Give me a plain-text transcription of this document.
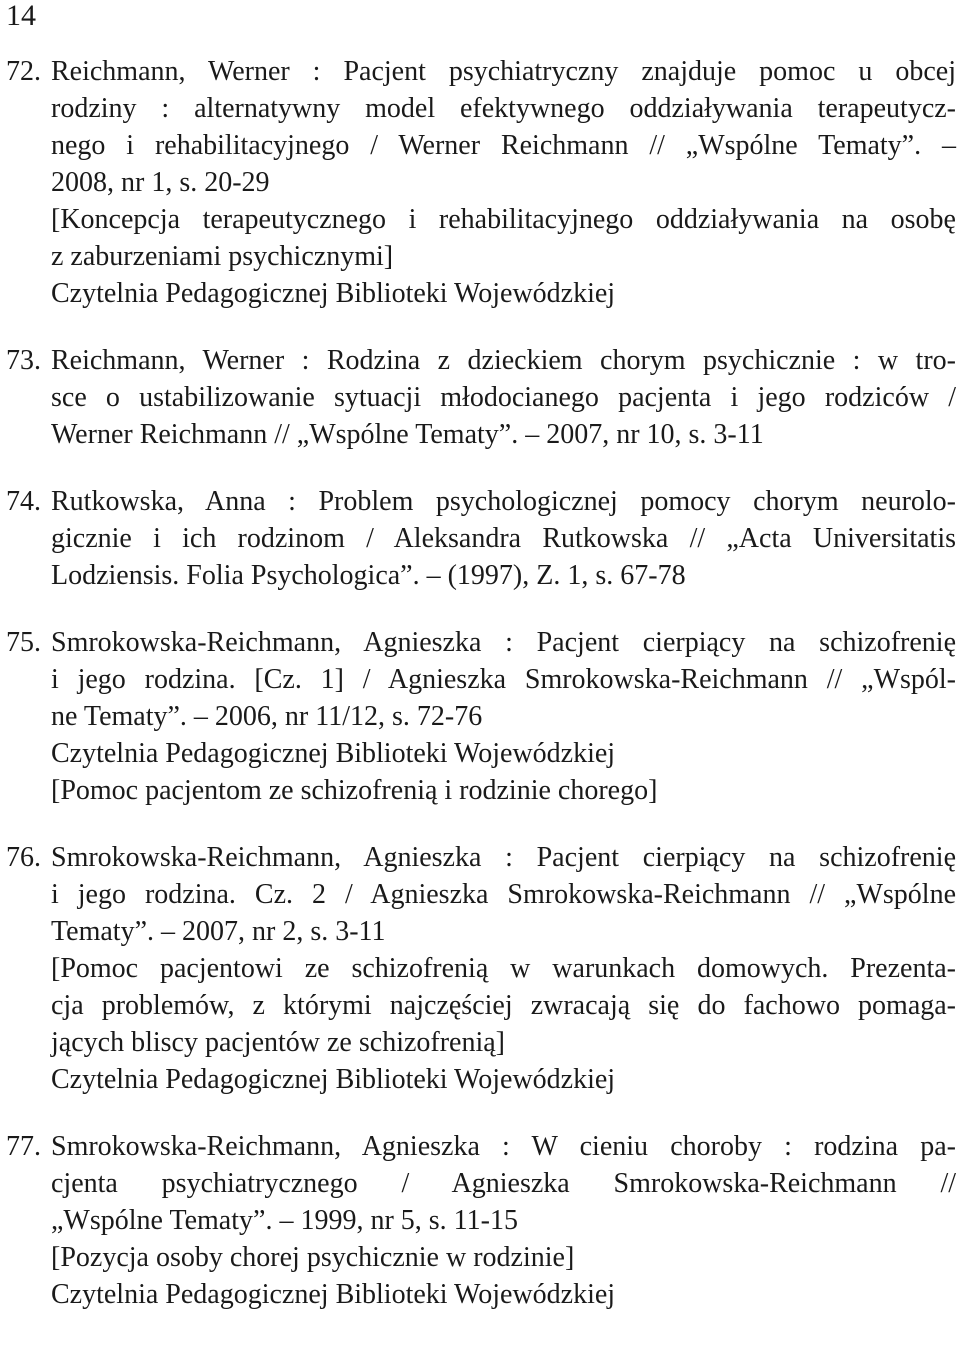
14
72. Reichmann, Werner : Pacjent psychiatryczny znajduje pomoc u obcej
rodziny : alternatywny model efektywnego oddziaływania terapeutycz-
nego i rehabilitacyjnego / Werner Reichmann // „Wspólne Tematy”. –
2008, nr 1, s. 20-29
[Koncepcja terapeutycznego i rehabilitacyjnego oddziaływania na osobę
z zaburzeniami psychicznymi]
Czytelnia Pedagogicznej Biblioteki Wojewódzkiej
73. Reichmann, Werner : Rodzina z dzieckiem chorym psychicznie : w tro-
sce o ustabilizowanie sytuacji młodocianego pacjenta i jego rodziców /
Werner Reichmann // „Wspólne Tematy”. – 2007, nr 10, s. 3-11
74. Rutkowska, Anna : Problem psychologicznej pomocy chorym neurolo-
gicznie i ich rodzinom / Aleksandra Rutkowska // „Acta Universitatis
Lodziensis. Folia Psychologica”. – (1997), Z. 1, s. 67-78
75. Smrokowska-Reichmann, Agnieszka : Pacjent cierpiący na schizofrenię
i jego rodzina. [Cz. 1] / Agnieszka Smrokowska-Reichmann // „Wspól-
ne Tematy”. – 2006, nr 11/12, s. 72-76
Czytelnia Pedagogicznej Biblioteki Wojewódzkiej
[Pomoc pacjentom ze schizofrenią i rodzinie chorego]
76. Smrokowska-Reichmann, Agnieszka : Pacjent cierpiący na schizofrenię
i jego rodzina. Cz. 2 / Agnieszka Smrokowska-Reichmann // „Wspólne
Tematy”. – 2007, nr 2, s. 3-11
[Pomoc pacjentowi ze schizofrenią w warunkach domowych. Prezenta-
cja problemów, z którymi najczęściej zwracają się do fachowo pomaga-
jących bliscy pacjentów ze schizofrenią]
Czytelnia Pedagogicznej Biblioteki Wojewódzkiej
77. Smrokowska-Reichmann, Agnieszka : W cieniu choroby : rodzina pa-
cjenta psychiatrycznego / Agnieszka Smrokowska-Reichmann //
„Wspólne Tematy”. – 1999, nr 5, s. 11-15
[Pozycja osoby chorej psychicznie w rodzinie]
Czytelnia Pedagogicznej Biblioteki Wojewódzkiej
